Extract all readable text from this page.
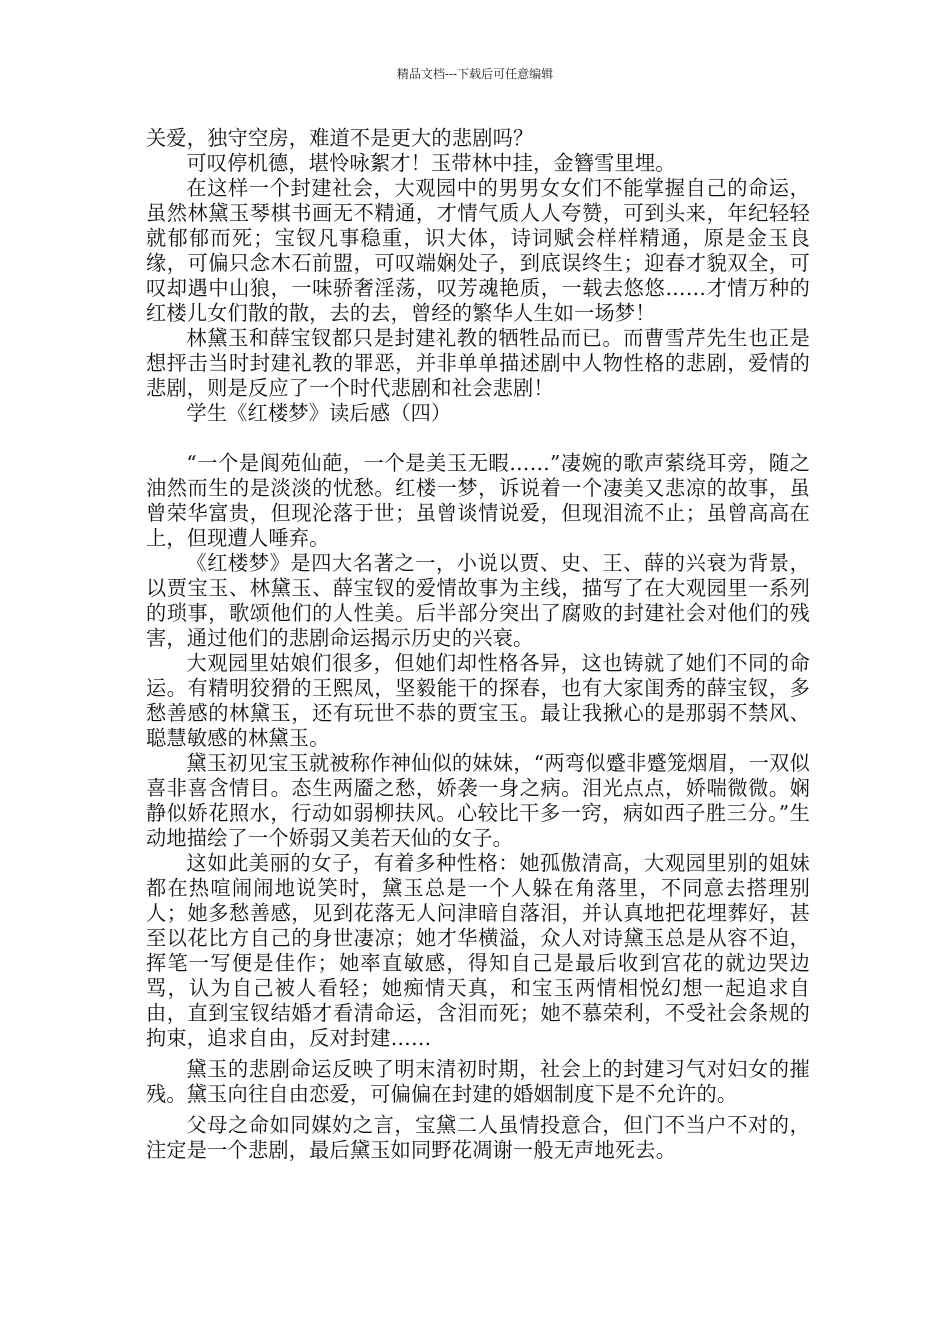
精品文档---下载后可任意编辑

关爱，独守空房，难道不是更大的悲剧吗？

可叹停机德，堪怜咏絮才！玉带林中挂，金簪雪里埋。

在这样一个封建社会，大观园中的男男女女们不能掌握自己的命运，虽然林黛玉琴棋书画无不精通，才情气质人人夸赞，可到头来，年纪轻轻就郁郁而死；宝钗凡事稳重，识大体，诗词赋会样样精通，原是金玉良缘，可偏只念木石前盟，可叹端娴处子，到底误终生；迎春才貌双全，可叹却遇中山狼，一味骄奢淫荡，叹芳魂艳质，一载去悠悠……才情万种的红楼儿女们散的散，去的去，曾经的繁华人生如一场梦！

林黛玉和薛宝钗都只是封建礼教的牺牲品而已。而曹雪芹先生也正是想抨击当时封建礼教的罪恶，并非单单描述剧中人物性格的悲剧，爱情的悲剧，则是反应了一个时代悲剧和社会悲剧！

学生《红楼梦》读后感（四）

“一个是阆苑仙葩，一个是美玉无暇……”凄婉的歌声萦绕耳旁，随之油然而生的是淡淡的忧愁。红楼一梦，诉说着一个凄美又悲凉的故事，虽曾荣华富贵，但现沦落于世；虽曾谈情说爱，但现泪流不止；虽曾高高在上，但现遭人唾弃。

《红楼梦》是四大名著之一，小说以贾、史、王、薛的兴衰为背景，以贾宝玉、林黛玉、薛宝钗的爱情故事为主线，描写了在大观园里一系列的琐事，歌颂他们的人性美。后半部分突出了腐败的封建社会对他们的残害，通过他们的悲剧命运揭示历史的兴衰。

大观园里姑娘们很多，但她们却性格各异，这也铸就了她们不同的命运。有精明狡猾的王熙凤，坚毅能干的探春，也有大家闺秀的薛宝钗，多愁善感的林黛玉，还有玩世不恭的贾宝玉。最让我揪心的是那弱不禁风、聪慧敏感的林黛玉。

黛玉初见宝玉就被称作神仙似的妹妹，“两弯似蹙非蹙笼烟眉，一双似喜非喜含情目。态生两靥之愁，娇袭一身之病。泪光点点，娇喘微微。娴静似娇花照水，行动如弱柳扶风。心较比干多一窍，病如西子胜三分。”生动地描绘了一个娇弱又美若天仙的女子。

这如此美丽的女子，有着多种性格：她孤傲清高，大观园里别的姐妹都在热喧闹闹地说笑时，黛玉总是一个人躲在角落里，不同意去搭理别人；她多愁善感，见到花落无人问津暗自落泪，并认真地把花埋葬好，甚至以花比方自己的身世凄凉；她才华横溢，众人对诗黛玉总是从容不迫，挥笔一写便是佳作；她率直敏感，得知自己是最后收到宫花的就边哭边骂，认为自己被人看轻；她痴情天真，和宝玉两情相悦幻想一起追求自由，直到宝钗结婚才看清命运，含泪而死；她不慕荣利，不受社会条规的拘束，追求自由，反对封建……

黛玉的悲剧命运反映了明末清初时期，社会上的封建习气对妇女的摧残。黛玉向往自由恋爱，可偏偏在封建的婚姻制度下是不允许的。

父母之命如同媒妁之言，宝黛二人虽情投意合，但门不当户不对的，注定是一个悲剧，最后黛玉如同野花凋谢一般无声地死去。
